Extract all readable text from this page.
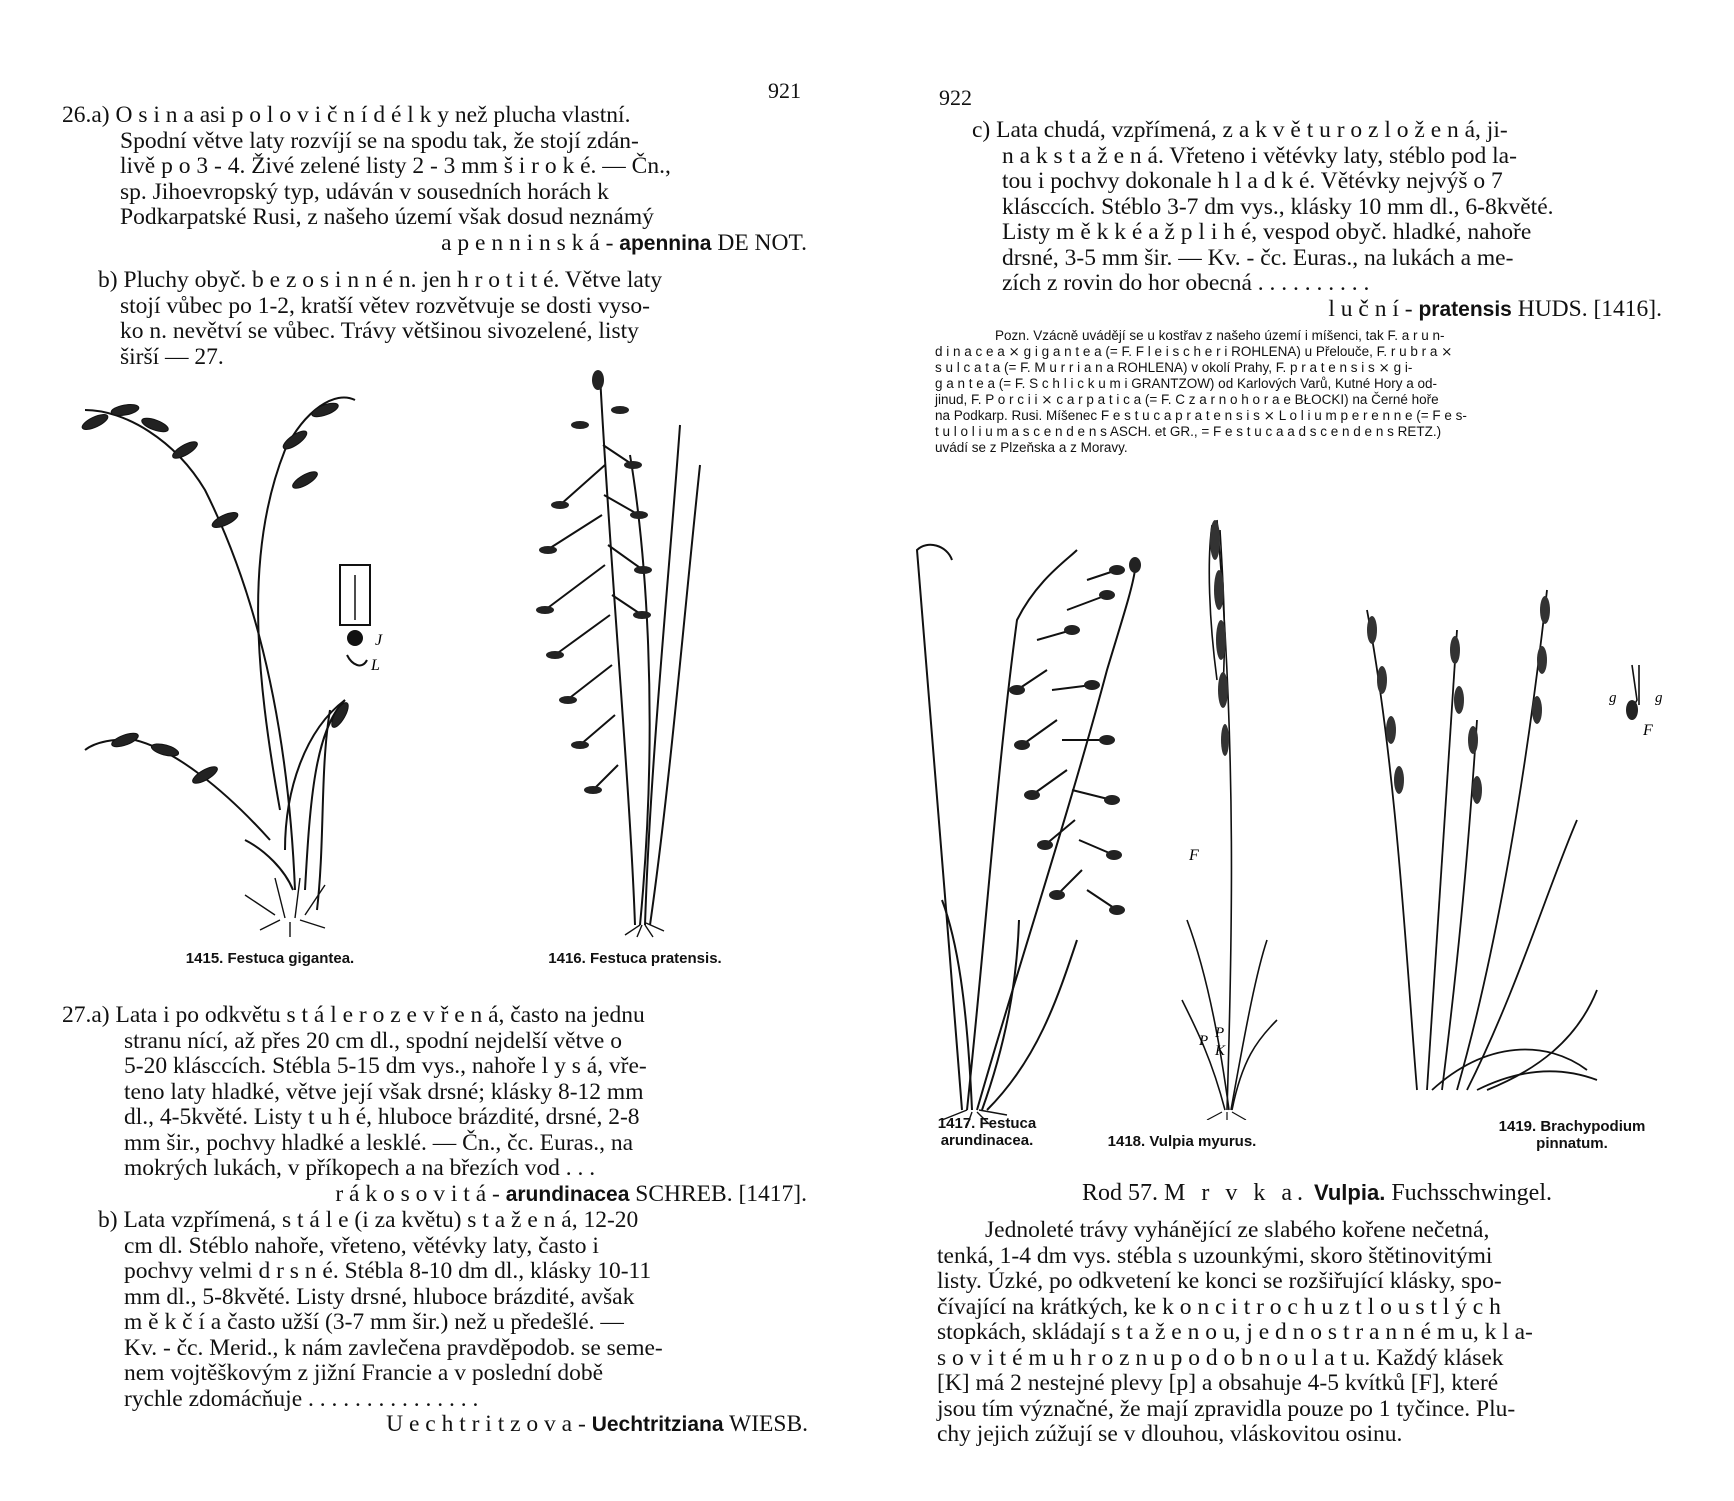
921
26.a) O s i n a asi p o l o v i č n í d é l k y než plucha vlastní.
Spodní větve laty rozvíjí se na spodu tak, že stojí zdán-
livě p o 3 - 4. Živé zelené listy 2 - 3 mm š i r o k é. — Čn.,
sp. Jihoevropský typ, udáván v sousedních horách k
Podkarpatské Rusi, z našeho území však dosud neznámý
a p e n n i n s k á - apennina DE NOT.
b) Pluchy obyč. b e z o s i n n é n. jen h r o t i t é. Větve laty
stojí vůbec po 1-2, kratší větev rozvětvuje se dosti vyso-
ko n. nevětví se vůbec. Trávy většinou sivozelené, listy
širší — 27.
J
L
1415. Festuca gigantea.	1416. Festuca pratensis.
27.a) Lata i po odkvětu s t á l e r o z e v ř e n á, často na jednu
stranu nící, až přes 20 cm dl., spodní nejdelší větve o
5-20 klásccích. Stébla 5-15 dm vys., nahoře l y s á, vře-
teno laty hladké, větve její však drsné; klásky 8-12 mm
dl., 4-5květé. Listy t u h é, hluboce brázdité, drsné, 2-8
mm šir., pochvy hladké a lesklé. — Čn., čc. Euras., na
mokrých lukách, v příkopech a na březích vod . . .
r á k o s o v i t á - arundinacea SCHREB. [1417].
b) Lata vzpřímená, s t á l e (i za květu) s t a ž e n á, 12-20
cm dl. Stéblo nahoře, vřeteno, větévky laty, často i
pochvy velmi d r s n é. Stébla 8-10 dm dl., klásky 10-11
mm dl., 5-8květé. Listy drsné, hluboce brázdité, avšak
m ě k č í a často užší (3-7 mm šir.) než u předešlé. —
Kv. - čc. Merid., k nám zavlečena pravděpodob. se seme-
nem vojtěškovým z jižní Francie a v poslední době
rychle zdomácňuje . . . . . . . . . . . . . . .
U e c h t r i t z o v a - Uechtritziana WIESB.
922
c) Lata chudá, vzpřímená, z a k v ě t u r o z l o ž e n á, ji-
n a k s t a ž e n á. Vřeteno i větévky laty, stéblo pod la-
tou i pochvy dokonale h l a d k é. Větévky nejvýš o 7
klásccích. Stéblo 3-7 dm vys., klásky 10 mm dl., 6-8květé.
Listy m ě k k é a ž p l i h é, vespod obyč. hladké, nahoře
drsné, 3-5 mm šir. — Kv. - čc. Euras., na lukách a me-
zích z rovin do hor obecná . . . . . . . . . .
l u č n í - pratensis HUDS. [1416].
Pozn. Vzácně uvádějí se u kostřav z našeho území i míšenci, tak F. a r u n-
d i n a c e a ⨯ g i g a n t e a (= F. F l e i s c h e r i ROHLENA) u Přelouče, F. r u b r a ⨯
s u l c a t a (= F. M u r r i a n a ROHLENA) v okolí Prahy, F. p r a t e n s i s ⨯ g i-
g a n t e a (= F. S c h l i c k u m i GRANTZOW) od Karlových Varů, Kutné Hory a od-
jinud, F. P o r c i i ⨯ c a r p a t i c a (= F. C z a r n o h o r a e BŁOCKI) na Černé hoře
na Podkarp. Rusi. Míšenec F e s t u c a p r a t e n s i s ⨯ L o l i u m p e r e n n e (= F e s-
t u l o l i u m a s c e n d e n s ASCH. et GR., = F e s t u c a a d s c e n d e n s RETZ.)
uvádí se z Plzeňska a z Moravy.
F
P P
K
g	g
F
1417. Festuca
arundinacea.	1418. Vulpia myurus.
1419. Brachypodium
pinnatum.
Rod 57. M r v k a. Vulpia. Fuchsschwingel.
Jednoleté trávy vyhánějící ze slabého kořene nečetná,
tenká, 1-4 dm vys. stébla s uzounkými, skoro štětinovitými
listy. Úzké, po odkvetení ke konci se rozšiřující klásky, spo-
čívající na krátkých, ke k o n c i t r o c h u z t l o u s t l ý c h
stopkách, skládají s t a ž e n o u, j e d n o s t r a n n é m u, k l a-
s o v i t é m u h r o z n u p o d o b n o u l a t u. Každý klásek
[K] má 2 nestejné plevy [p] a obsahuje 4-5 kvítků [F], které
jsou tím význačné, že mají zpravidla pouze po 1 tyčince. Plu-
chy jejich zúžují se v dlouhou, vláskovitou osinu.
